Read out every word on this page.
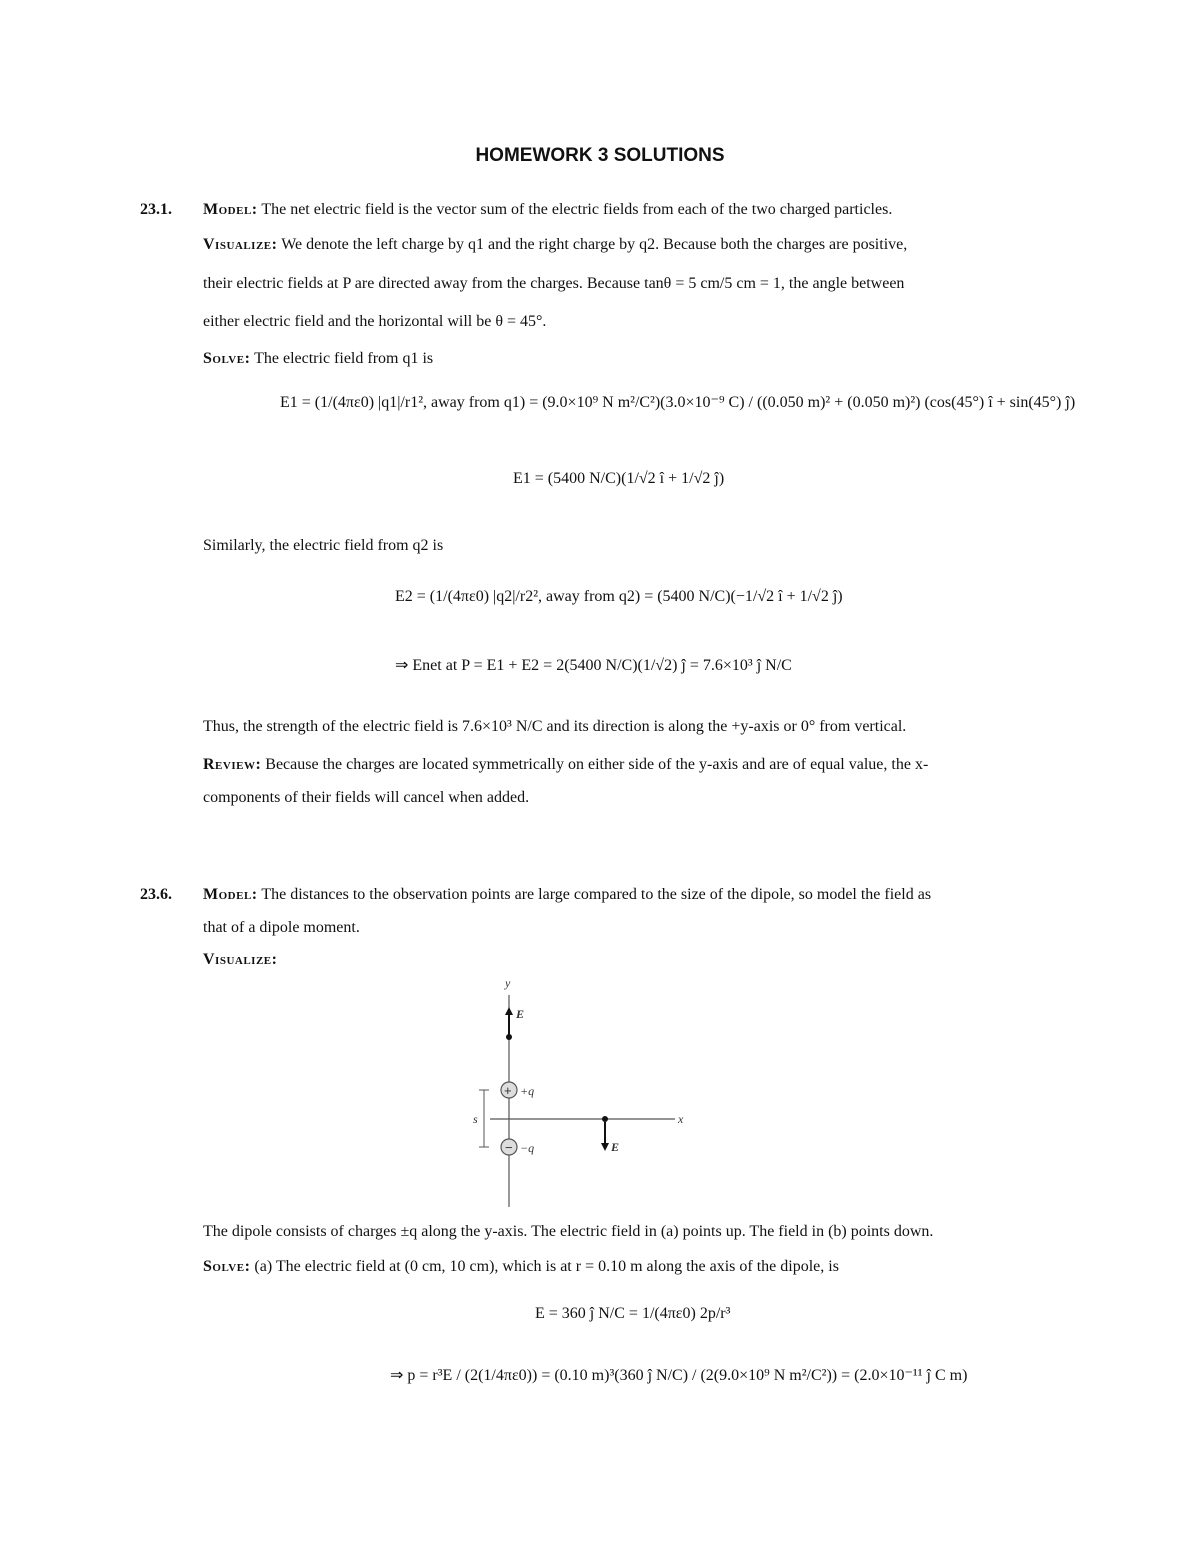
HOMEWORK 3 SOLUTIONS
23.1. Model: The net electric field is the vector sum of the electric fields from each of the two charged particles.
Visualize: We denote the left charge by q1 and the right charge by q2. Because both the charges are positive,
their electric fields at P are directed away from the charges. Because tanθ = 5 cm/5 cm = 1, the angle between
either electric field and the horizontal will be θ = 45°.
Solve: The electric field from q1 is
E1 = (1/(4πε0) |q1|/r1², away from q1) = (9.0×10⁹ N m²/C²)(3.0×10⁻⁹ C) / ((0.050 m)² + (0.050 m)²) (cos(45°) î + sin(45°) ĵ)
E1 = (5400 N/C)(1/√2 î + 1/√2 ĵ)
Similarly, the electric field from q2 is
E2 = (1/(4πε0) |q2|/r2², away from q2) = (5400 N/C)(−1/√2 î + 1/√2 ĵ)
⇒ Enet at P = E1 + E2 = 2(5400 N/C)(1/√2) ĵ = 7.6×10³ ĵ N/C
Thus, the strength of the electric field is 7.6×10³ N/C and its direction is along the +y-axis or 0° from vertical.
Review: Because the charges are located symmetrically on either side of the y-axis and are of equal value, the x-
components of their fields will cancel when added.
23.6. Model: The distances to the observation points are large compared to the size of the dipole, so model the field as
that of a dipole moment.
Visualize:
y
x
E
+ +q
− −q
s
E
The dipole consists of charges ±q along the y-axis. The electric field in (a) points up. The field in (b) points down.
Solve: (a) The electric field at (0 cm, 10 cm), which is at r = 0.10 m along the axis of the dipole, is
E = 360 ĵ N/C = 1/(4πε0) 2p/r³
⇒ p = r³E / (2(1/4πε0)) = (0.10 m)³(360 ĵ N/C) / (2(9.0×10⁹ N m²/C²)) = (2.0×10⁻¹¹ ĵ C m)
